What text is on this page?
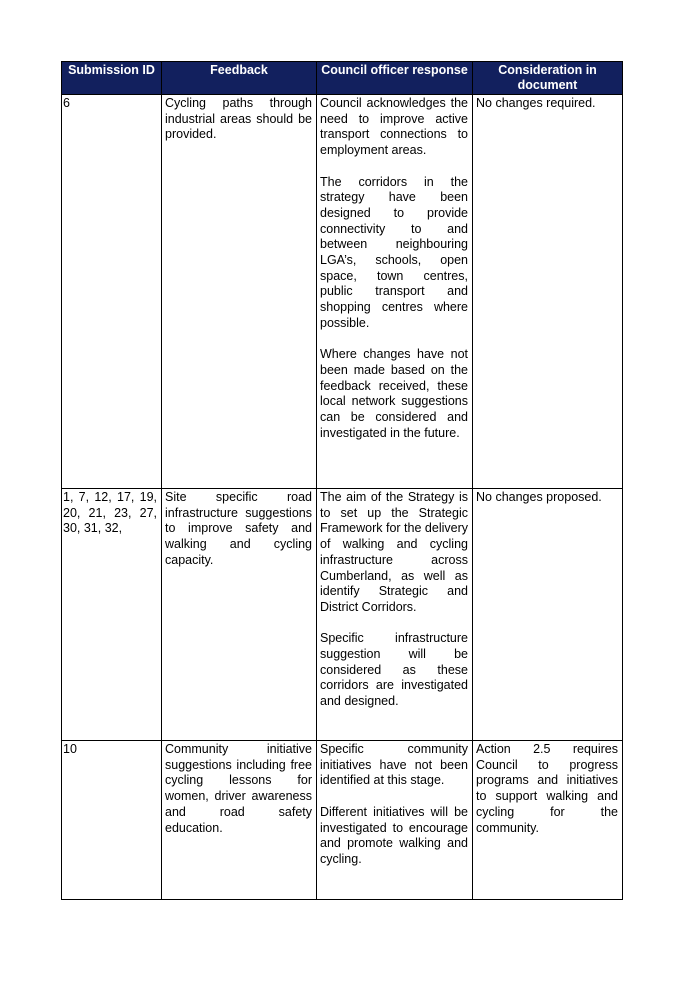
Submission ID	Feedback	Council officer response	Consideration in document
6	Cycling paths through industrial areas should be provided.	Council acknowledges the need to improve active transport connections to employment areas.
The corridors in the strategy have been designed to provide connectivity to and between neighbouring LGA’s, schools, open space, town centres, public transport and shopping centres where possible.
Where changes have not been made based on the feedback received, these local network suggestions can be considered and investigated in the future.	No changes required.
1, 7, 12, 17, 19, 20, 21, 23, 27, 30, 31, 32,	Site specific road infrastructure suggestions to improve safety and walking and cycling capacity.	The aim of the Strategy is to set up the Strategic Framework for the delivery of walking and cycling infrastructure across Cumberland, as well as identify Strategic and District Corridors.
Specific infrastructure suggestion will be considered as these corridors are investigated and designed.	No changes proposed.
10	Community initiative suggestions including free cycling lessons for women, driver awareness and road safety education.	Specific community initiatives have not been identified at this stage.
Different initiatives will be investigated to encourage and promote walking and cycling.	Action 2.5 requires Council to progress programs and initiatives to support walking and cycling for the community.
